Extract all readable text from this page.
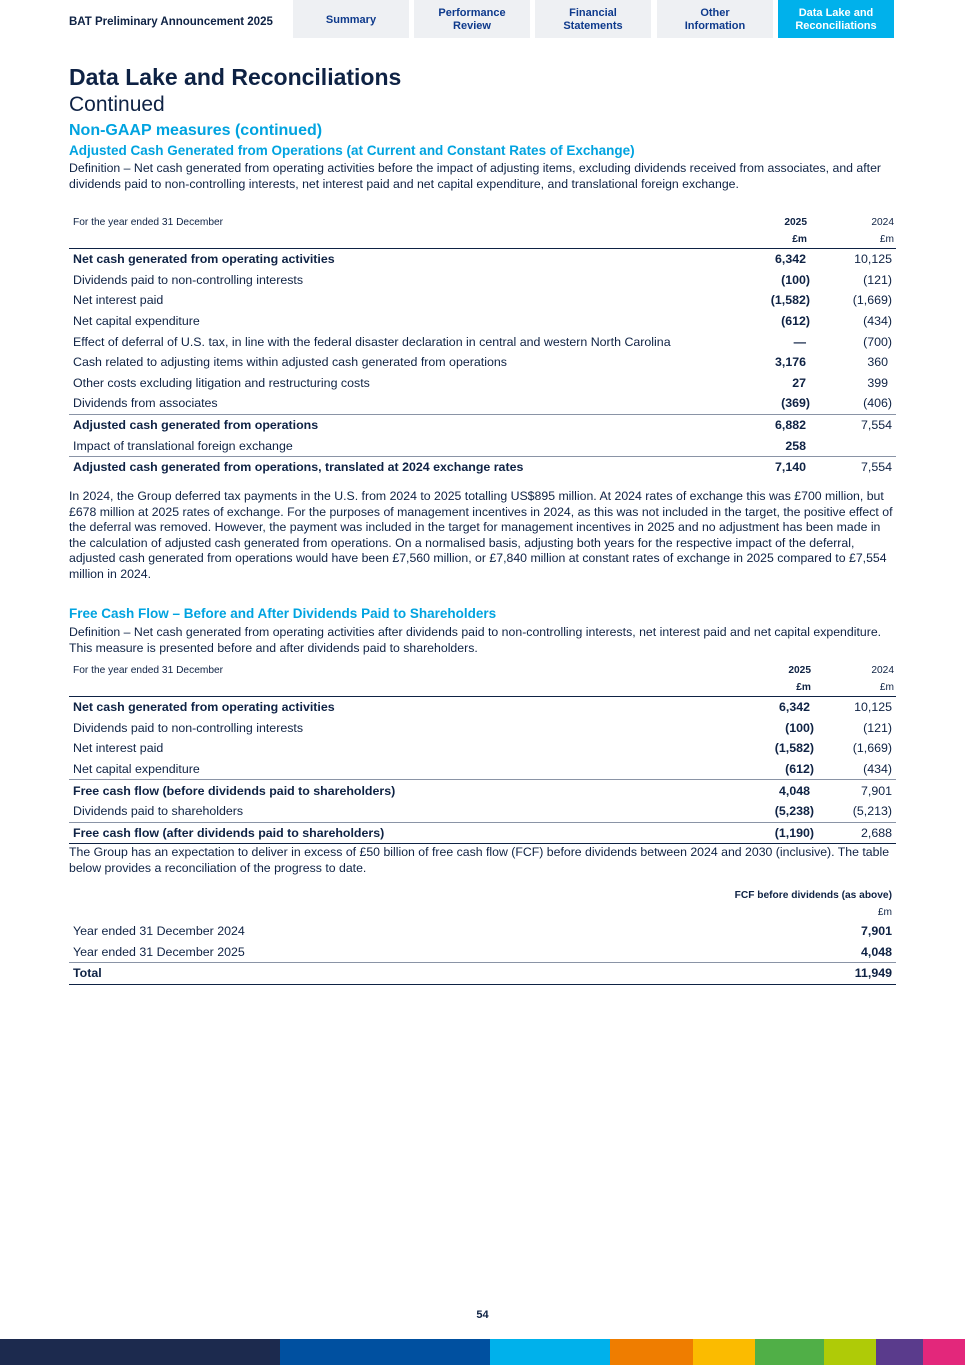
BAT Preliminary Announcement 2025	Summary
Performance
Review
Financial
Statements
Other
Information
Data Lake and
Reconciliations
Data Lake and Reconciliations
Continued
Non-GAAP measures (continued)
Adjusted Cash Generated from Operations (at Current and Constant Rates of Exchange)
Definition – Net cash generated from operating activities before the impact of adjusting items, excluding dividends received from associates, and after dividends paid to non-controlling interests, net interest paid and net capital expenditure, and translational foreign exchange.
For the year ended 31 December	2025	2024
	£m	£m
Net cash generated from operating activities	6,342	10,125
Dividends paid to non-controlling interests	(100)	(121)
Net interest paid	(1,582)	(1,669)
Net capital expenditure	(612)	(434)
Effect of deferral of U.S. tax, in line with the federal disaster declaration in central and western North Carolina	—	(700)
Cash related to adjusting items within adjusted cash generated from operations	3,176	360
Other costs excluding litigation and restructuring costs	27	399
Dividends from associates	(369)	(406)
Adjusted cash generated from operations	6,882	7,554
Impact of translational foreign exchange	258	
Adjusted cash generated from operations, translated at 2024 exchange rates	7,140	7,554
In 2024, the Group deferred tax payments in the U.S. from 2024 to 2025 totalling US$895 million. At 2024 rates of exchange this was £700 million, but £678 million at 2025 rates of exchange. For the purposes of management incentives in 2024, as this was not included in the target, the positive effect of the deferral was removed. However, the payment was included in the target for management incentives in 2025 and no adjustment has been made in the calculation of adjusted cash generated from operations. On a normalised basis, adjusting both years for the respective impact of the deferral, adjusted cash generated from operations would have been £7,560 million, or £7,840 million at constant rates of exchange in 2025 compared to £7,554 million in 2024.
Free Cash Flow – Before and After Dividends Paid to Shareholders
Definition – Net cash generated from operating activities after dividends paid to non-controlling interests, net interest paid and net capital expenditure. This measure is presented before and after dividends paid to shareholders.
For the year ended 31 December	2025	2024
	£m	£m
Net cash generated from operating activities	6,342	10,125
Dividends paid to non-controlling interests	(100)	(121)
Net interest paid	(1,582)	(1,669)
Net capital expenditure	(612)	(434)
Free cash flow (before dividends paid to shareholders)	4,048	7,901
Dividends paid to shareholders	(5,238)	(5,213)
Free cash flow (after dividends paid to shareholders)	(1,190)	2,688
The Group has an expectation to deliver in excess of £50 billion of free cash flow (FCF) before dividends between 2024 and 2030 (inclusive). The table below provides a reconciliation of the progress to date.
	FCF before dividends (as above)
	£m
Year ended 31 December 2024	7,901
Year ended 31 December 2025	4,048
Total	11,949
54
